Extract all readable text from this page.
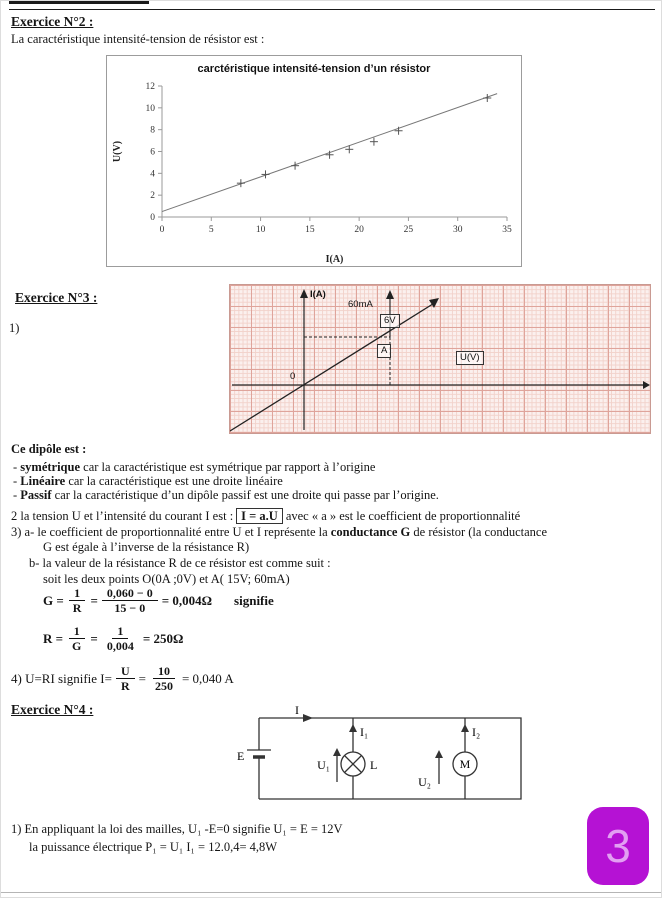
Exercice N°2 :
La caractéristique intensité-tension de résistor est :
carctéristique intensité-tension d’un résistor
0
2
4
6
8
10
12
0	5	10	15	20	25	30	35
I(A)
U(V)
Exercice N°3 :
1)
I(A)
60mA
6V
A
U(V)
0
Ce dipôle est :
- symétrique car la caractéristique est symétrique par rapport à l’origine
- Linéaire car la caractéristique est une droite linéaire
- Passif car la caractéristique d’un dipôle passif est une droite qui passe par l’origine.
2 la tension U et l’intensité du courant I est : I = a.U avec « a » est le coefficient de proportionnalité
3) a- le coefficient de proportionnalité entre U et I représente la conductance G de résistor (la conductance
G est égale à l’inverse de la résistance R)
b- la valeur de la résistance R de ce résistor est comme suit :
soit les deux points O(0A ;0V) et A( 15V; 60mA)
$G = \frac{1}{R} = \frac{0,060 - 0}{15 - 0} = 0,004\Omega$ signifie
$R = \frac{1}{G} = \frac{1}{0,004} = 250\Omega$
4) U=RI signifie $I= \frac{U}{R} = \frac{10}{250} = 0,040$ A
Exercice N°4 :	I
I₁	I₂
E
U₁	L
U₂
M
1) En appliquant la loi des mailles, U₁ -E=0 signifie U₁ = E = 12V
la puissance électrique P₁ = U₁ I₁ = 12.0,4= 4,8W	3
